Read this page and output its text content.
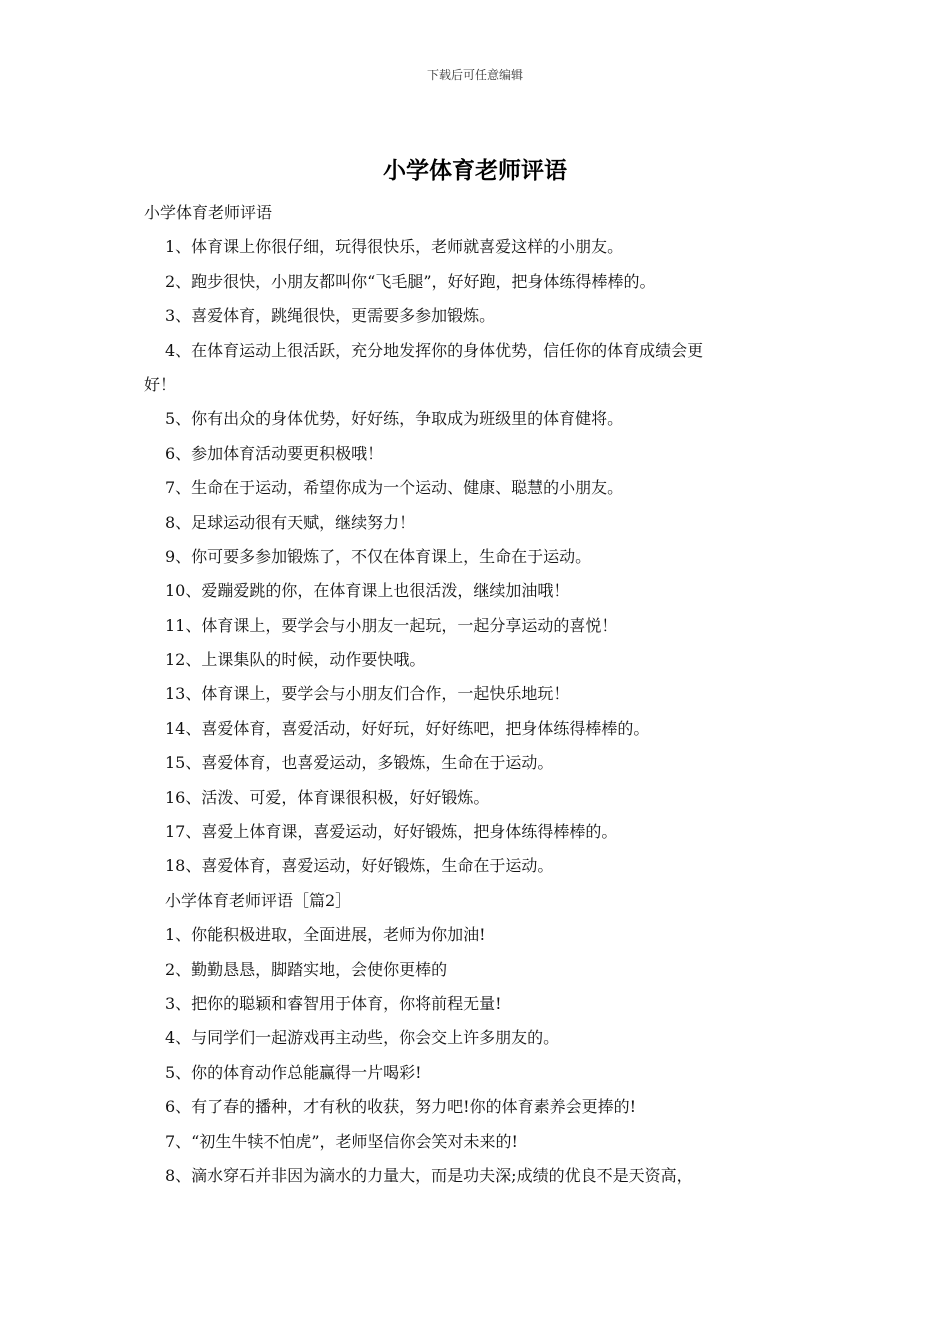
下载后可任意编辑
小学体育老师评语
小学体育老师评语
1、体育课上你很仔细，玩得很快乐，老师就喜爱这样的小朋友。
2、跑步很快，小朋友都叫你“飞毛腿”，好好跑，把身体练得棒棒的。
3、喜爱体育，跳绳很快，更需要多参加锻炼。
4、在体育运动上很活跃，充分地发挥你的身体优势，信任你的体育成绩会更
好！
5、你有出众的身体优势，好好练，争取成为班级里的体育健将。
6、参加体育活动要更积极哦！
7、生命在于运动，希望你成为一个运动、健康、聪慧的小朋友。
8、足球运动很有天赋，继续努力！
9、你可要多参加锻炼了，不仅在体育课上，生命在于运动。
10、爱蹦爱跳的你，在体育课上也很活泼，继续加油哦！
11、体育课上，要学会与小朋友一起玩，一起分享运动的喜悦！
12、上课集队的时候，动作要快哦。
13、体育课上，要学会与小朋友们合作，一起快乐地玩！
14、喜爱体育，喜爱活动，好好玩，好好练吧，把身体练得棒棒的。
15、喜爱体育，也喜爱运动，多锻炼，生命在于运动。
16、活泼、可爱，体育课很积极，好好锻炼。
17、喜爱上体育课，喜爱运动，好好锻炼，把身体练得棒棒的。
18、喜爱体育，喜爱运动，好好锻炼，生命在于运动。
小学体育老师评语［篇2］
1、你能积极进取，全面进展，老师为你加油!
2、勤勤恳恳，脚踏实地，会使你更棒的
3、把你的聪颖和睿智用于体育，你将前程无量!
4、与同学们一起游戏再主动些，你会交上许多朋友的。
5、你的体育动作总能赢得一片喝彩!
6、有了春的播种，才有秋的收获，努力吧!你的体育素养会更捧的!
7、“初生牛犊不怕虎”，老师坚信你会笑对未来的!
8、滴水穿石并非因为滴水的力量大，而是功夫深;成绩的优良不是天资高，
